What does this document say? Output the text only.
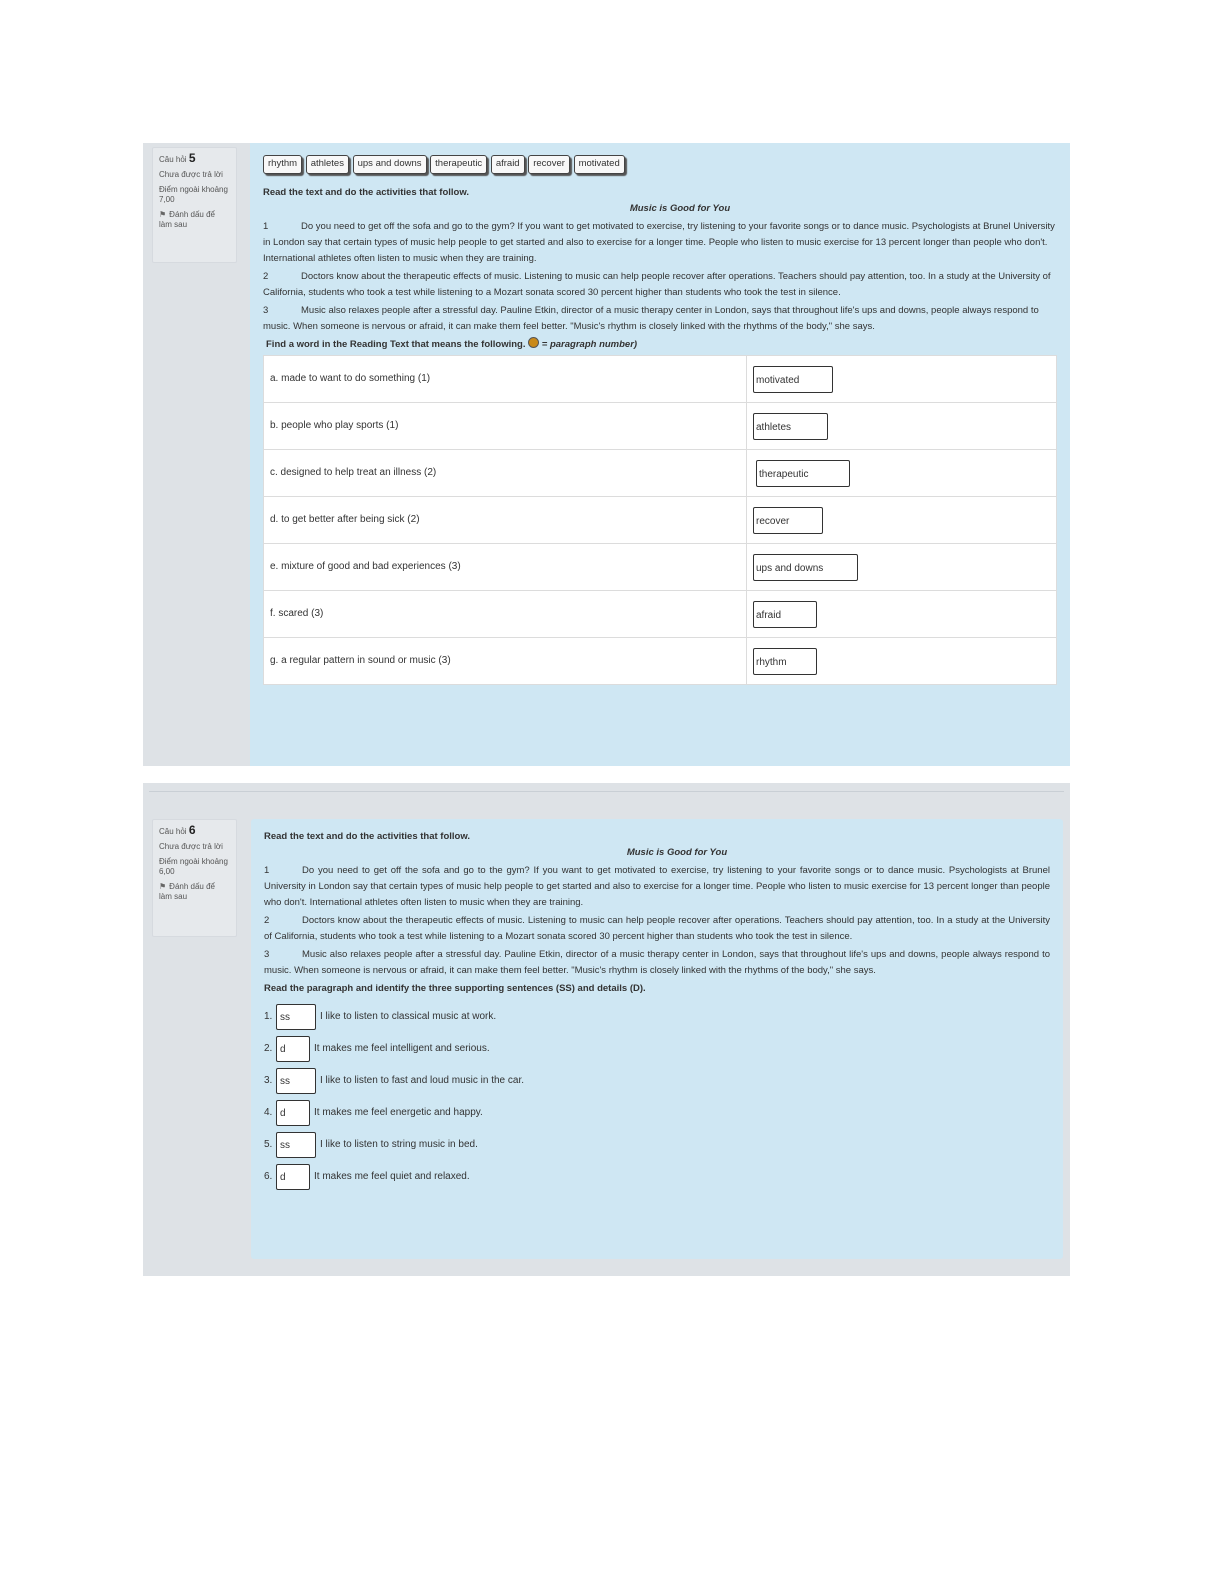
Câu hỏi 5

Chưa được trả lời

Điểm ngoài khoảng 7,00

⚑ Đánh dấu để làm sau

rhythm athletes ups and downs therapeutic afraid recover motivated

Read the text and do the activities that follow.

Music is Good for You

1	Do you need to get off the sofa and go to the gym? If you want to get motivated to exercise, try listening to your favorite songs or to dance music. Psychologists at Brunel University in London say that certain types of music help people to get started and also to exercise for a longer time. People who listen to music exercise for 13 percent longer than people who don't. International athletes often listen to music when they are training.

2	Doctors know about the therapeutic effects of music. Listening to music can help people recover after operations. Teachers should pay attention, too. In a study at the University of California, students who took a test while listening to a Mozart sonata scored 30 percent higher than students who took the test in silence.

3	Music also relaxes people after a stressful day. Pauline Etkin, director of a music therapy center in London, says that throughout life's ups and downs, people always respond to music. When someone is nervous or afraid, it can make them feel better. "Music's rhythm is closely linked with the rhythms of the body," she says.

Find a word in the Reading Text that means the following.  = paragraph number)

a. made to want to do something (1)	motivated
b. people who play sports (1)	athletes
c. designed to help treat an illness (2)	therapeutic
d. to get better after being sick (2)	recover
e. mixture of good and bad experiences (3)	ups and downs
f. scared (3)	afraid
g. a regular pattern in sound or music (3)	rhythm
Câu hỏi 6

Chưa được trả lời

Điểm ngoài khoảng 6,00

⚑ Đánh dấu để làm sau

Read the text and do the activities that follow.

Music is Good for You

1	Do you need to get off the sofa and go to the gym? If you want to get motivated to exercise, try listening to your favorite songs or to dance music. Psychologists at Brunel University in London say that certain types of music help people to get started and also to exercise for a longer time. People who listen to music exercise for 13 percent longer than people who don't. International athletes often listen to music when they are training.

2	Doctors know about the therapeutic effects of music. Listening to music can help people recover after operations. Teachers should pay attention, too. In a study at the University of California, students who took a test while listening to a Mozart sonata scored 30 percent higher than students who took the test in silence.

3	Music also relaxes people after a stressful day. Pauline Etkin, director of a music therapy center in London, says that throughout life's ups and downs, people always respond to music. When someone is nervous or afraid, it can make them feel better. "Music's rhythm is closely linked with the rhythms of the body," she says.

Read the paragraph and identify the three supporting sentences (SS) and details (D).

1. ss	I like to listen to classical music at work.
2. d	It makes me feel intelligent and serious.
3. ss	I like to listen to fast and loud music in the car.
4. d	It makes me feel energetic and happy.
5. ss	I like to listen to string music in bed.
6. d	It makes me feel quiet and relaxed.
